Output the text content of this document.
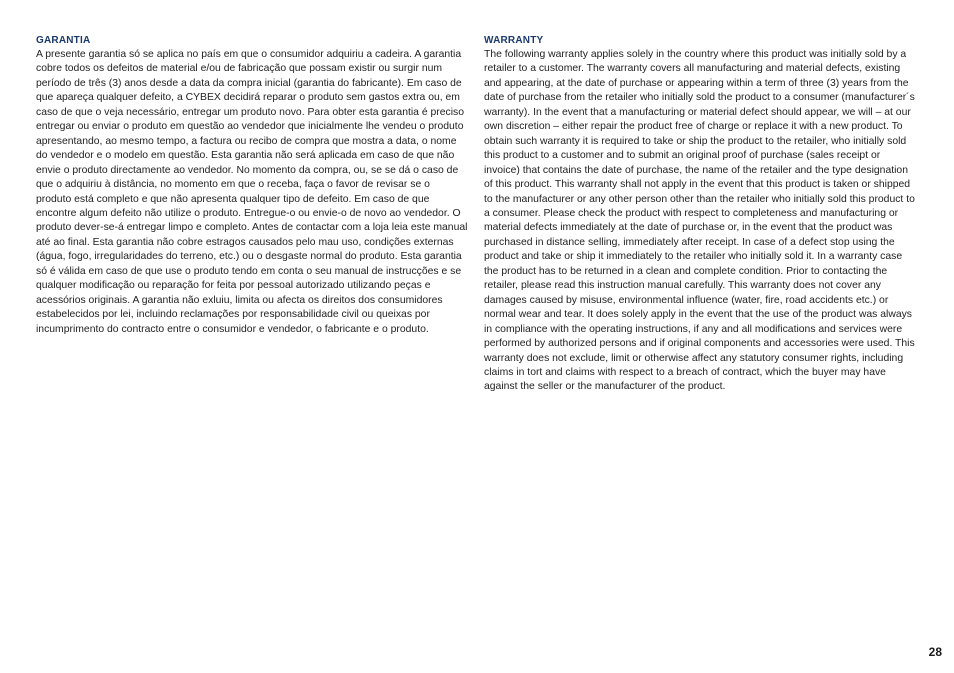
GARANTIA

A presente garantia só se aplica no país em que o consumidor adquiriu a cadeira. A garantia cobre todos os defeitos de material e/ou de fabricação que possam existir ou surgir num período de três (3) anos desde a data da compra inicial (garantia do fabricante). Em caso de que apareça qualquer defeito, a CYBEX decidirá reparar o produto sem gastos extra ou, em caso de que o veja necessário, entregar um produto novo. Para obter esta garantia é preciso entregar ou enviar o produto em questão ao vendedor que inicialmente lhe vendeu o produto apresentando, ao mesmo tempo, a factura ou recibo de compra que mostra a data, o nome do vendedor e o modelo em questão. Esta garantia não será aplicada em caso de que não envie o produto directamente ao vendedor. No momento da compra, ou, se se dá o caso de que o adquiriu à distância, no momento em que o receba, faça o favor de revisar se o produto está completo e que não apresenta qualquer tipo de defeito. Em caso de que encontre algum defeito não utilize o produto. Entregue-o ou envie-o de novo ao vendedor. O produto dever-se-á entregar limpo e completo. Antes de contactar com a loja leia este manual até ao final. Esta garantia não cobre estragos causados pelo mau uso, condições externas (água, fogo, irregularidades do terreno, etc.) ou o desgaste normal do produto. Esta garantia só é válida em caso de que use o produto tendo em conta o seu manual de instrucções e se qualquer modificação ou reparação for feita por pessoal autorizado utilizando peças e acessórios originais. A garantia não exluiu, limita ou afecta os direitos dos consumidores estabelecidos por lei, incluindo reclamações por responsabilidade civil ou queixas por incumprimento do contracto entre o consumidor e vendedor, o fabricante e o produto.

WARRANTY

The following warranty applies solely in the country where this product was initially sold by a retailer to a customer. The warranty covers all manufacturing and material defects, existing and appearing, at the date of purchase or appearing within a term of three (3) years from the date of purchase from the retailer who initially sold the product to a consumer (manufacturer´s warranty). In the event that a manufacturing or material defect should appear, we will – at our own discretion – either repair the product free of charge or replace it with a new product. To obtain such warranty it is required to take or ship the product to the retailer, who initially sold this product to a customer and to submit an original proof of purchase (sales receipt or invoice) that contains the date of purchase, the name of the retailer and the type designation of this product. This warranty shall not apply in the event that this product is taken or shipped to the manufacturer or any other person other than the retailer who initially sold this product to a consumer. Please check the product with respect to completeness and manufacturing or material defects immediately at the date of purchase or, in the event that the product was purchased in distance selling, immediately after receipt. In case of a defect stop using the product and take or ship it immediately to the retailer who initially sold it. In a warranty case the product has to be returned in a clean and complete condition. Prior to contacting the retailer, please read this instruction manual carefully. This warranty does not cover any damages caused by misuse, environmental influence (water, fire, road accidents etc.) or normal wear and tear. It does solely apply in the event that the use of the product was always in compliance with the operating instructions, if any and all modifications and services were performed by authorized persons and if original components and accessories were used. This warranty does not exclude, limit or otherwise affect any statutory consumer rights, including claims in tort and claims with respect to a breach of contract, which the buyer may have against the seller or the manufacturer of the product.

28
